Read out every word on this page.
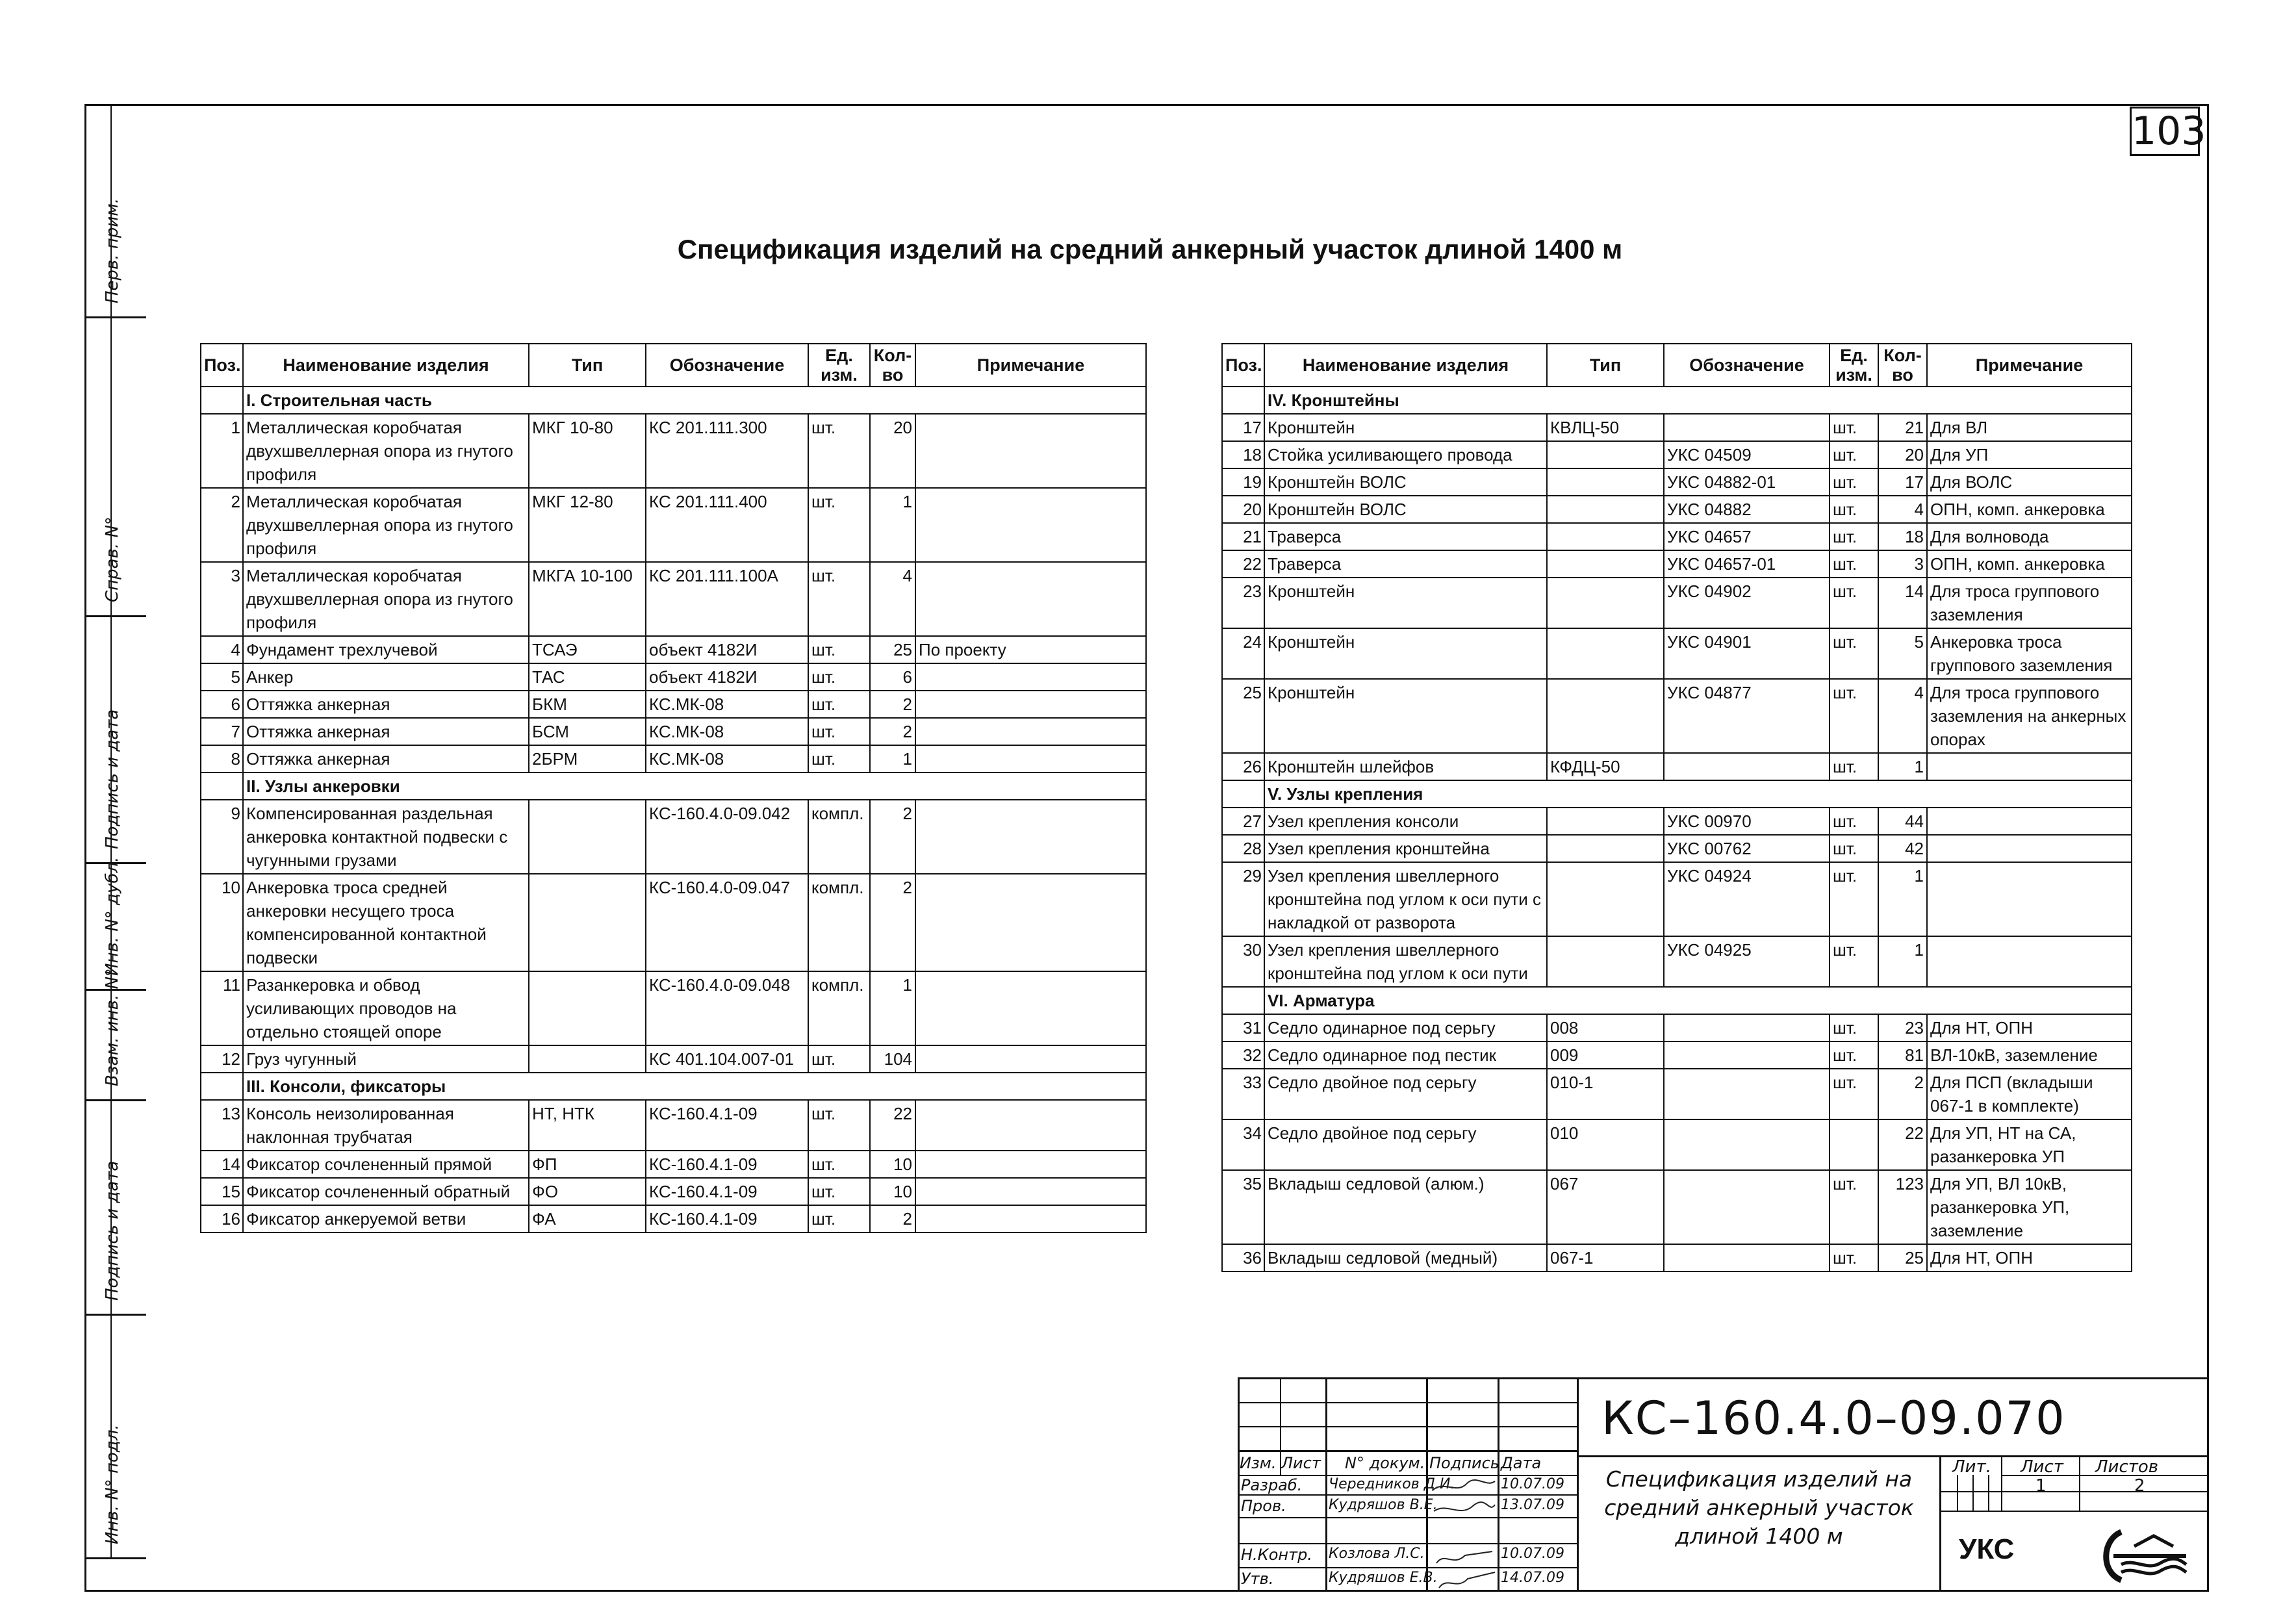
Перв. прим.
Справ. N°
Подпись и дата
Инв. N° дубл.
Взам. инв. N°
Подпись и дата
Инв. N° подл.
103
Спецификация изделий на средний анкерный участок длиной 1400 м
Поз.	Наименование изделия	Тип	Обозначение	Ед. изм.	Кол-во	Примечание
	I. Строительная часть					
1	Металлическая коробчатая двухшвеллерная опора из гнутого профиля	МКГ 10-80	КС 201.111.300	шт.	20	
2	Металлическая коробчатая двухшвеллерная опора из гнутого профиля	МКГ 12-80	КС 201.111.400	шт.	1	
3	Металлическая коробчатая двухшвеллерная опора из гнутого профиля	МКГА 10-100	КС 201.111.100А	шт.	4	
4	Фундамент трехлучевой	ТСАЭ	объект 4182И	шт.	25	По проекту
5	Анкер	ТАС	объект 4182И	шт.	6	
6	Оттяжка анкерная	БКМ	КС.МК-08	шт.	2	
7	Оттяжка анкерная	БСМ	КС.МК-08	шт.	2	
8	Оттяжка анкерная	2БРМ	КС.МК-08	шт.	1	
	II. Узлы анкеровки					
9	Компенсированная раздельная анкеровка контактной подвески с чугунными грузами		КС-160.4.0-09.042	компл.	2	
10	Анкеровка троса средней анкеровки несущего троса компенсированной контактной подвески		КС-160.4.0-09.047	компл.	2	
11	Разанкеровка и обвод усиливающих проводов на отдельно стоящей опоре		КС-160.4.0-09.048	компл.	1	
12	Груз чугунный		КС 401.104.007-01	шт.	104	
	III. Консоли, фиксаторы					
13	Консоль неизолированная наклонная трубчатая	НТ, НТК	КС-160.4.1-09	шт.	22	
14	Фиксатор сочлененный прямой	ФП	КС-160.4.1-09	шт.	10	
15	Фиксатор сочлененный обратный	ФО	КС-160.4.1-09	шт.	10	
16	Фиксатор анкеруемой ветви	ФА	КС-160.4.1-09	шт.	2	
Поз.	Наименование изделия	Тип	Обозначение	Ед. изм.	Кол-во	Примечание
	IV. Кронштейны					
17	Кронштейн	КВЛЦ-50		шт.	21	Для ВЛ
18	Стойка усиливающего провода		УКС 04509	шт.	20	Для УП
19	Кронштейн ВОЛС		УКС 04882-01	шт.	17	Для ВОЛС
20	Кронштейн ВОЛС		УКС 04882	шт.	4	ОПН, комп. анкеровка
21	Траверса		УКС 04657	шт.	18	Для волновода
22	Траверса		УКС 04657-01	шт.	3	ОПН, комп. анкеровка
23	Кронштейн		УКС 04902	шт.	14	Для троса группового заземления
24	Кронштейн		УКС 04901	шт.	5	Анкеровка троса группового заземления
25	Кронштейн		УКС 04877	шт.	4	Для троса группового заземления на анкерных опорах
26	Кронштейн шлейфов	КФДЦ-50		шт.	1	
	V. Узлы крепления					
27	Узел крепления консоли		УКС 00970	шт.	44	
28	Узел крепления кронштейна		УКС 00762	шт.	42	
29	Узел крепления швеллерного кронштейна под углом к оси пути с накладкой от разворота		УКС 04924	шт.	1	
30	Узел крепления швеллерного кронштейна под углом к оси пути		УКС 04925	шт.	1	
	VI. Арматура					
31	Седло одинарное под серьгу	008		шт.	23	Для НТ, ОПН
32	Седло одинарное под пестик	009		шт.	81	ВЛ-10кВ, заземление
33	Седло двойное под серьгу	010-1		шт.	2	Для ПСП (вкладыши 067-1 в комплекте)
34	Седло двойное под серьгу	010			22	Для УП, НТ на СА, разанкеровка УП
35	Вкладыш седловой (алюм.)	067		шт.	123	Для УП, ВЛ 10кВ, разанкеровка УП, заземление
36	Вкладыш седловой (медный)	067-1		шт.	25	Для НТ, ОПН
Изм. Лист N° докум. Подпись Дата
Разраб. Чередников Д.И.	10.07.09
Пров.	Кудряшов В.Е.	13.07.09
Н.Контр. Козлова Л.С.	10.07.09
Утв.	Кудряшов Е.В.	14.07.09
КС–160.4.0–09.070
Спецификация изделий на средний анкерный участок длиной 1400 м
Лит. Лист Листов
1	2
УКС
